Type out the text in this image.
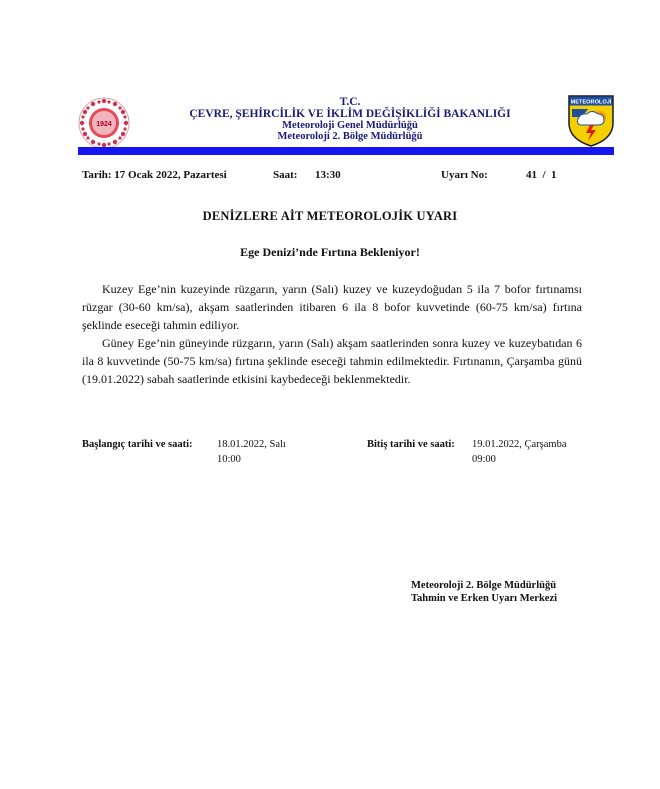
1924
T.C.
ÇEVRE, ŞEHİRCİLİK VE İKLİM DEĞİŞİKLİĞİ BAKANLIĞI
Meteoroloji Genel Müdürlüğü
Meteoroloji 2. Bölge Müdürlüğü
METEOROLOJİ
Tarih: 17 Ocak 2022, Pazartesi	Saat: 13:30	Uyarı No:	41  /  1
DENİZLERE AİT METEOROLOJİK UYARI
Ege Denizi’nde Fırtına Bekleniyor!

Kuzey Ege’nin kuzeyinde rüzgarın, yarın (Salı) kuzey ve kuzeydoğudan 5 ila 7 bofor fırtınamsı rüzgar (30-60 km/sa), akşam saatlerinden itibaren 6 ila 8 bofor kuvvetinde (60-75 km/sa) fırtına şeklinde eseceği tahmin ediliyor.

Güney Ege’nin güneyinde rüzgarın, yarın (Salı) akşam saatlerinden sonra kuzey ve kuzeybatıdan 6 ila 8 kuvvetinde (50-75 km/sa) fırtına şeklinde eseceği tahmin edilmektedir. Fırtınanın, Çarşamba günü (19.01.2022) sabah saatlerinde etkisini kaybedeceği beklenmektedir.

Başlangıç tarihi ve saati: 18.01.2022, Salı
10:00
Bitiş tarihi ve saati: 19.01.2022, Çarşamba
09:00
Meteoroloji 2. Bölge Müdürlüğü
Tahmin ve Erken Uyarı Merkezi
